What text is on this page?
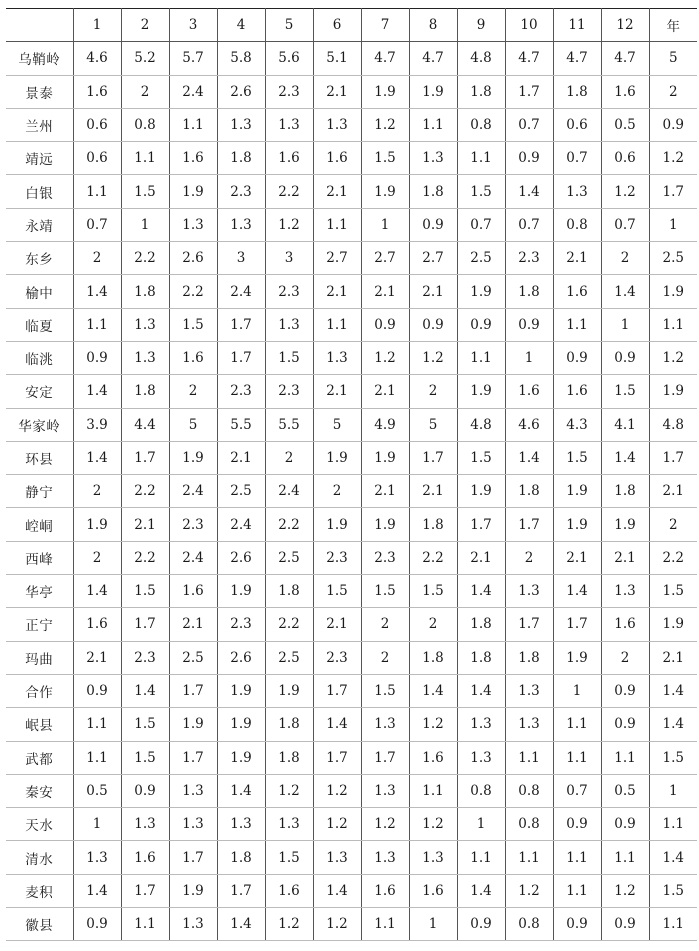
	1	2	3	4	5	6	7	8	9	10	11	12	年
乌鞘岭	4.6	5.2	5.7	5.8	5.6	5.1	4.7	4.7	4.8	4.7	4.7	4.7	5
景泰	1.6	2	2.4	2.6	2.3	2.1	1.9	1.9	1.8	1.7	1.8	1.6	2
兰州	0.6	0.8	1.1	1.3	1.3	1.3	1.2	1.1	0.8	0.7	0.6	0.5	0.9
靖远	0.6	1.1	1.6	1.8	1.6	1.6	1.5	1.3	1.1	0.9	0.7	0.6	1.2
白银	1.1	1.5	1.9	2.3	2.2	2.1	1.9	1.8	1.5	1.4	1.3	1.2	1.7
永靖	0.7	1	1.3	1.3	1.2	1.1	1	0.9	0.7	0.7	0.8	0.7	1
东乡	2	2.2	2.6	3	3	2.7	2.7	2.7	2.5	2.3	2.1	2	2.5
榆中	1.4	1.8	2.2	2.4	2.3	2.1	2.1	2.1	1.9	1.8	1.6	1.4	1.9
临夏	1.1	1.3	1.5	1.7	1.3	1.1	0.9	0.9	0.9	0.9	1.1	1	1.1
临洮	0.9	1.3	1.6	1.7	1.5	1.3	1.2	1.2	1.1	1	0.9	0.9	1.2
安定	1.4	1.8	2	2.3	2.3	2.1	2.1	2	1.9	1.6	1.6	1.5	1.9
华家岭	3.9	4.4	5	5.5	5.5	5	4.9	5	4.8	4.6	4.3	4.1	4.8
环县	1.4	1.7	1.9	2.1	2	1.9	1.9	1.7	1.5	1.4	1.5	1.4	1.7
静宁	2	2.2	2.4	2.5	2.4	2	2.1	2.1	1.9	1.8	1.9	1.8	2.1
崆峒	1.9	2.1	2.3	2.4	2.2	1.9	1.9	1.8	1.7	1.7	1.9	1.9	2
西峰	2	2.2	2.4	2.6	2.5	2.3	2.3	2.2	2.1	2	2.1	2.1	2.2
华亭	1.4	1.5	1.6	1.9	1.8	1.5	1.5	1.5	1.4	1.3	1.4	1.3	1.5
正宁	1.6	1.7	2.1	2.3	2.2	2.1	2	2	1.8	1.7	1.7	1.6	1.9
玛曲	2.1	2.3	2.5	2.6	2.5	2.3	2	1.8	1.8	1.8	1.9	2	2.1
合作	0.9	1.4	1.7	1.9	1.9	1.7	1.5	1.4	1.4	1.3	1	0.9	1.4
岷县	1.1	1.5	1.9	1.9	1.8	1.4	1.3	1.2	1.3	1.3	1.1	0.9	1.4
武都	1.1	1.5	1.7	1.9	1.8	1.7	1.7	1.6	1.3	1.1	1.1	1.1	1.5
秦安	0.5	0.9	1.3	1.4	1.2	1.2	1.3	1.1	0.8	0.8	0.7	0.5	1
天水	1	1.3	1.3	1.3	1.3	1.2	1.2	1.2	1	0.8	0.9	0.9	1.1
清水	1.3	1.6	1.7	1.8	1.5	1.3	1.3	1.3	1.1	1.1	1.1	1.1	1.4
麦积	1.4	1.7	1.9	1.7	1.6	1.4	1.6	1.6	1.4	1.2	1.1	1.2	1.5
徽县	0.9	1.1	1.3	1.4	1.2	1.2	1.1	1	0.9	0.8	0.9	0.9	1.1
